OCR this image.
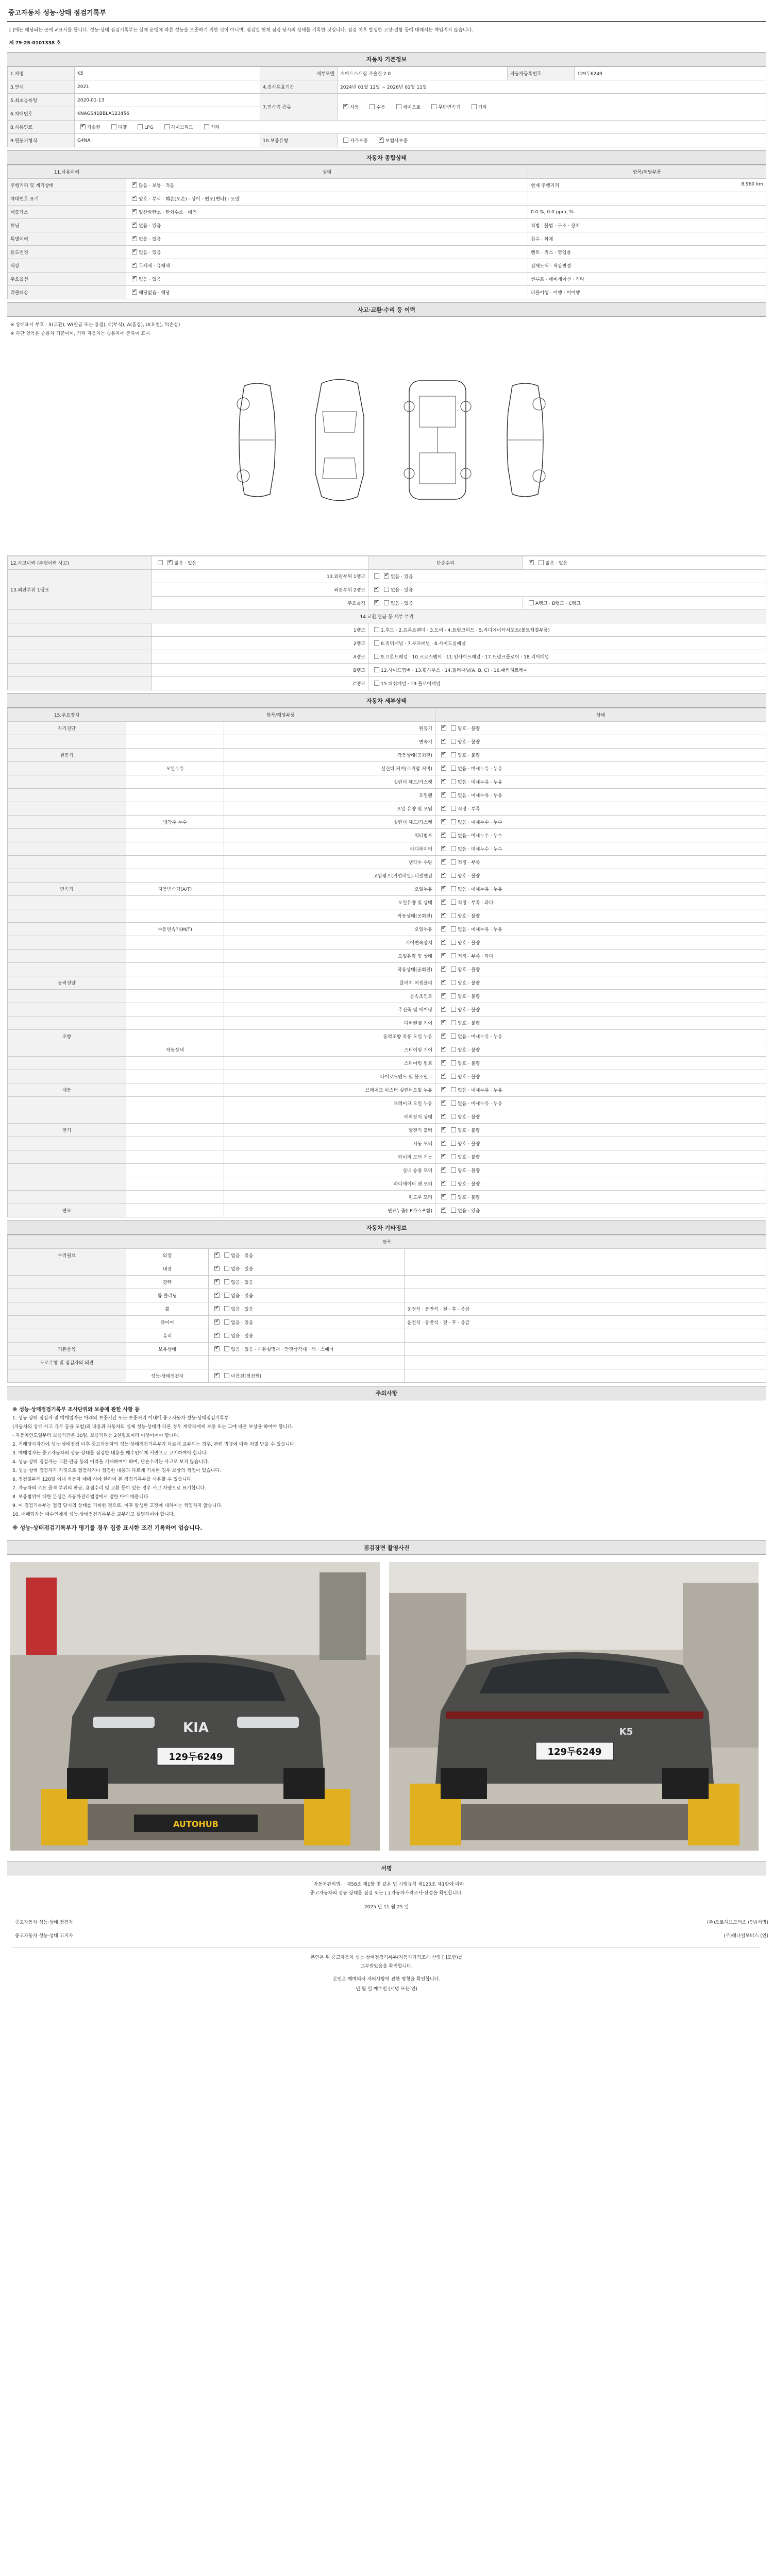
중고자동차 성능·상태 점검기록부
[ ]에는 해당되는 곳에 ✔표시를 합니다. 성능·상태 점검기록부는 실제 운행에 따른 성능을 보증하기 위한 것이 아니며, 점검일 현재 점검 당시의 상태를 기록한 것입니다. 점검 이후 발생한 고장·결함 등에 대해서는 책임지지 않습니다.
제 79-25-0101338 호
자동차 기본정보
1.차명	K5	세부모델	스마트스트림 가솔린 2.0	자동차등록번호	129두6249
3.연식	2021	4.검사유효기간	2024년 01월 12일 ~ 2026년 01월 11일		
5.최초등록일	2020-01-13	7.변속기 종류	✔자동 수동 세미오토 무단변속기 기타
6.차대번호	KNAGS41BBLA123456				
8.사용연료	✔가솔린 디젤 LPG 하이브리드 기타
9.원동기형식	G4NA	10.보증유형	자가보증 ✔ 보험사보증
자동차 종합상태
11.사용이력	상태	항목/해당부품
주행거리 및 계기상태	✔많음 · 보통 · 적음	현재 주행거리 8,960 km

차대번호 표기	✔양호 · 부식 · 훼손(오손) · 상이 · 변조(변타) · 도말	

배출가스	✔일산화탄소 · 탄화수소 · 매연	0.0 %, 0.0 ppm, %

튜닝	✔없음 · 있음	적법 · 불법 · 구조 · 장치

특별이력	✔없음 · 있음	침수 · 화재

용도변경	✔없음 · 있음	렌트 · 리스 · 영업용

색상	✔무채색 · 유채색	전체도색 · 색상변경

주요옵션	✔없음 · 있음	썬루프 · 네비게이션 · 기타

리콜대상	✔해당없음 · 해당	리콜이행 · 이행 · 미이행
사고·교환·수리 등 이력
※ 상태표시 부호 : X(교환), W(판금 또는 용접), C(부식), A(흠집), U(요철), T(손상)
※ 하단 항목은 승용차 기준이며, 기타 자동차는 승용차에 준하여 표시
12.사고이력 (주행이력 사고)	✔없음 · 있음	단순수리	✔없음 · 있음
13.외판부위 1랭크	13.외판부위 1랭크	✔없음 · 있음
	외판부위 2랭크	✔없음 · 있음
	주요골격	✔없음 · 있음	A랭크 · B랭크 · C랭크
14.교환,판금 등 세부 부위			
	1랭크	1.후드 · 2.프론트펜더 · 3.도어 · 4.트렁크리드 · 5.라디에이터서포트(볼트체결부품)	
	2랭크	6.쿼터패널 · 7.루프패널 · 8.사이드실패널	
	A랭크	9.프론트패널 · 10.크로스멤버 · 11.인사이드패널 · 17.트렁크플로어 · 18.리어패널	
	B랭크	12.사이드멤버 · 13.휠하우스 · 14.필러패널(A, B, C) · 16.패키지트레이	
	C랭크	15.대쉬패널 · 19.플로어패널	
자동차 세부상태
15.주요장치	항목/해당부품		상태
자기진단		원동기	✔양호 · 불량
		변속기	✔양호 · 불량
원동기		작동상태(공회전)	✔양호 · 불량
	오일누유	실린더 커버(로커암 커버)	✔없음 · 미세누유 · 누유
		실린더 헤드/가스켓	✔없음 · 미세누유 · 누유
		오일팬	✔없음 · 미세누유 · 누유
		오일 유량 및 오염	✔적정 · 부족
	냉각수 누수	실린더 헤드/가스켓	✔없음 · 미세누수 · 누수
		워터펌프	✔없음 · 미세누수 · 누수
		라디에이터	✔없음 · 미세누수 · 누수
		냉각수 수량	✔적정 · 부족
		고압펌프(커먼레일)-디젤엔진	✔양호 · 불량
변속기	자동변속기(A/T)	오일누유	✔없음 · 미세누유 · 누유
		오일유량 및 상태	✔적정 · 부족 · 과다
		작동상태(공회전)	✔양호 · 불량
	수동변속기(M/T)	오일누유	✔없음 · 미세누유 · 누유
		기어변속장치	✔양호 · 불량
		오일유량 및 상태	✔적정 · 부족 · 과다
		작동상태(공회전)	✔양호 · 불량
동력전달		클러치 어셈블리	✔양호 · 불량
		등속조인트	✔양호 · 불량
		추진축 및 베어링	✔양호 · 불량
		디퍼렌셜 기어	✔양호 · 불량
조향		동력조향 작동 오일 누유	✔없음 · 미세누유 · 누유
	작동상태	스티어링 기어	✔양호 · 불량
		스티어링 펌프	✔양호 · 불량
		타이로드엔드 및 볼조인트	✔양호 · 불량
제동		브레이크 마스터 실린더오일 누유	✔없음 · 미세누유 · 누유
		브레이크 오일 누유	✔없음 · 미세누유 · 누유
		배력장치 상태	✔양호 · 불량
전기		발전기 출력	✔양호 · 불량
		시동 모터	✔양호 · 불량
		와이퍼 모터 기능	✔양호 · 불량
		실내 송풍 모터	✔양호 · 불량
		라디에이터 팬 모터	✔양호 · 불량
		윈도우 모터	✔양호 · 불량
연료		연료누출(LP가스포함)	✔없음 · 있음
자동차 기타정보
항목			
수리필요	외장	✔없음 · 있음	
	내장	✔없음 · 있음	
	광택	✔없음 · 있음	
	룸 클리닝	✔없음 · 있음	
	휠	✔없음 · 있음	운전석 · 동반석 · 전 · 후 · 응급
	타이어	✔없음 · 있음	운전석 · 동반석 · 전 · 후 · 응급
	유리	✔없음 · 있음	
기본품목	보유상태	✔없음 · 있음 · 사용설명서 · 안전삼각대 · 잭 · 스패너	
도로주행 및 점검자의 의견			
	성능·상태점검자	✔이종진(점검원)	
주의사항
※ 성능·상태점검기록부 조사단위와 보증에 관한 사항 등
1. 성능·상태 점검자 및 매매업자는 아래의 보증기간 또는 보증거리 이내에 중고자동차 성능·상태점검기록부
(자동차의 상태·사고 유무 등을 포함)의 내용과 자동차의 실제 성능·상태가 다른 경우 계약자에게 보증 또는 그에 따른 보상을 하여야 합니다.
- 자동차인도일부터 보증기간은 30일, 보증거리는 2천킬로미터 이상이어야 합니다.
2. 거래당사자간에 성능·상태점검 이후 중고자동차의 성능·상태점검기록부가 다르게 교부되는 경우, 관련 법규에 따라 처벌 받을 수 있습니다.
3. 매매업자는 중고자동차의 성능·상태를 점검한 내용을 매수인에게 서면으로 고지하여야 합니다.
4. 성능·상태 점검자는 교환·판금 등의 이력을 기재하여야 하며, 단순수리는 사고로 보지 않습니다.
5. 성능·상태 점검자가 거짓으로 점검하거나 점검한 내용과 다르게 기재한 경우 보상의 책임이 있습니다.
6. 점검일부터 120일 이내 자동차 매매 시에 한하여 본 점검기록부를 사용할 수 있습니다.
7. 자동차의 주요 골격 부위의 판금, 용접수리 및 교환 등이 있는 경우 사고 차량으로 표기합니다.
8. 보증범위에 대한 분쟁은 자동차관리법령에서 정한 바에 따릅니다.
9. 이 점검기록부는 점검 당시의 상태를 기록한 것으로, 이후 발생한 고장에 대하여는 책임지지 않습니다.
10. 매매업자는 매수인에게 성능·상태점검기록부를 교부하고 설명하여야 합니다.
※ 성능·상태점검기록부가 명기를 경우 집중 표시한 조건 기록하여 업습니다.
점검장면 촬영사진
KIA
129두6249
AUTOHUB
K5
129두6249
서명
「자동차관리법」 제58조 제1항 및 같은 법 시행규칙 제120조 제1항에 따라
중고자동차의 성능·상태를 점검 또는 [ ] 자동차가격조사·산정을 확인합니다.
2025 년 11 월 25 일
중고자동차 성능·상태 점검자	(주)오토허브모터스 (인/(서명)
중고자동차 성능·상태 고지자	(주)해나일모터스 (인)
본인은 위 중고자동차 성능·상태점검기록부(자동차가격조사·산정 [ ]포함)를
교부받았음을 확인합니다.
본인은 매매의자 자의사항에 관한 명칭을 확인합니다.
년 월 일 매수인 (서명 또는 인)
